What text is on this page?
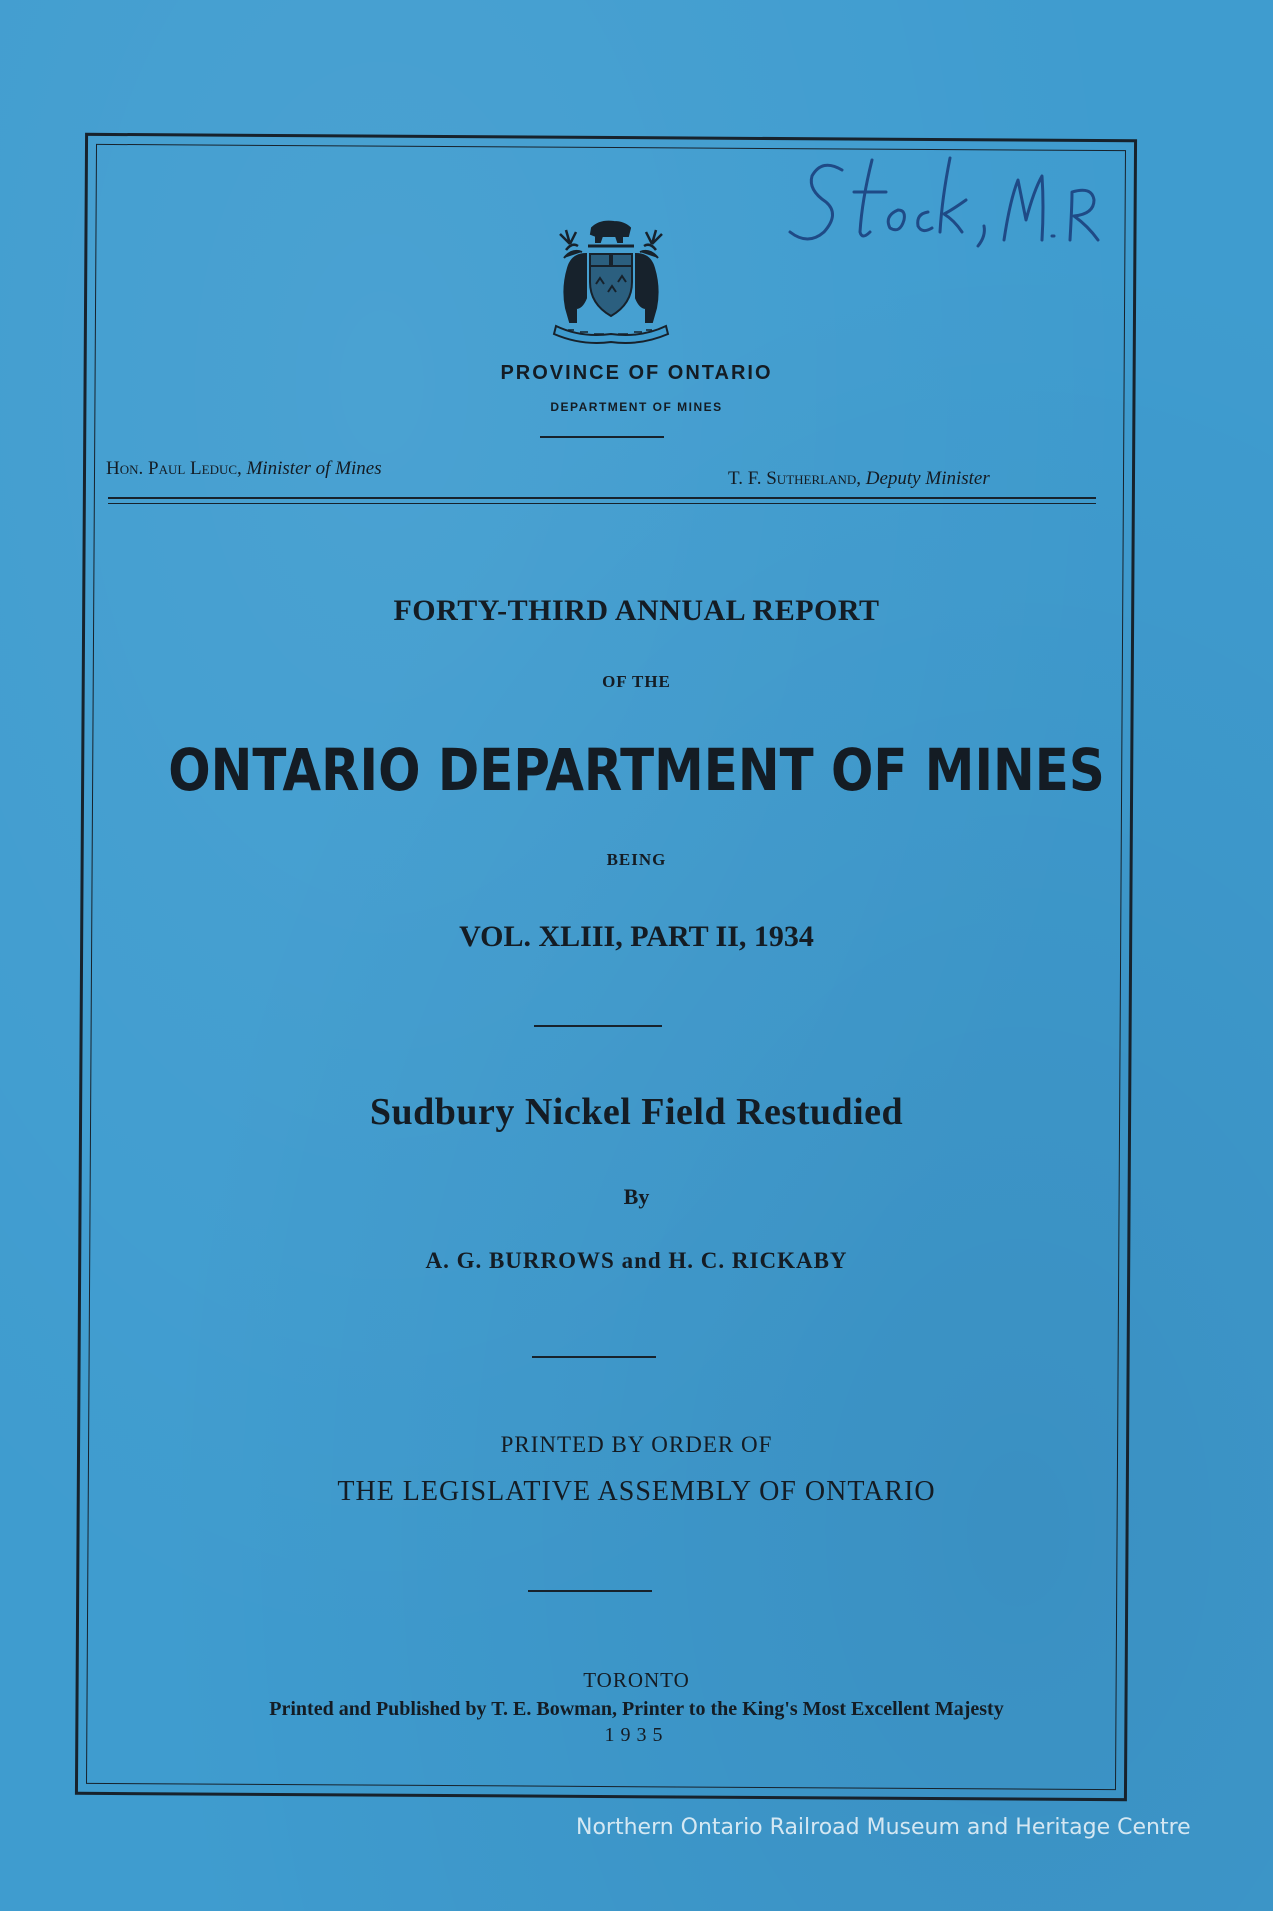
PROVINCE OF ONTARIO
DEPARTMENT OF MINES
Hon. Paul Leduc, Minister of Mines	T. F. Sutherland, Deputy Minister
FORTY-THIRD ANNUAL REPORT
OF THE
ONTARIO DEPARTMENT OF MINES
BEING
VOL. XLIII, PART II, 1934
Sudbury Nickel Field Restudied
By
A. G. BURROWS and H. C. RICKABY
PRINTED BY ORDER OF
THE LEGISLATIVE ASSEMBLY OF ONTARIO
TORONTO
Printed and Published by T. E. Bowman, Printer to the King's Most Excellent Majesty
1935
Northern Ontario Railroad Museum and Heritage Centre
